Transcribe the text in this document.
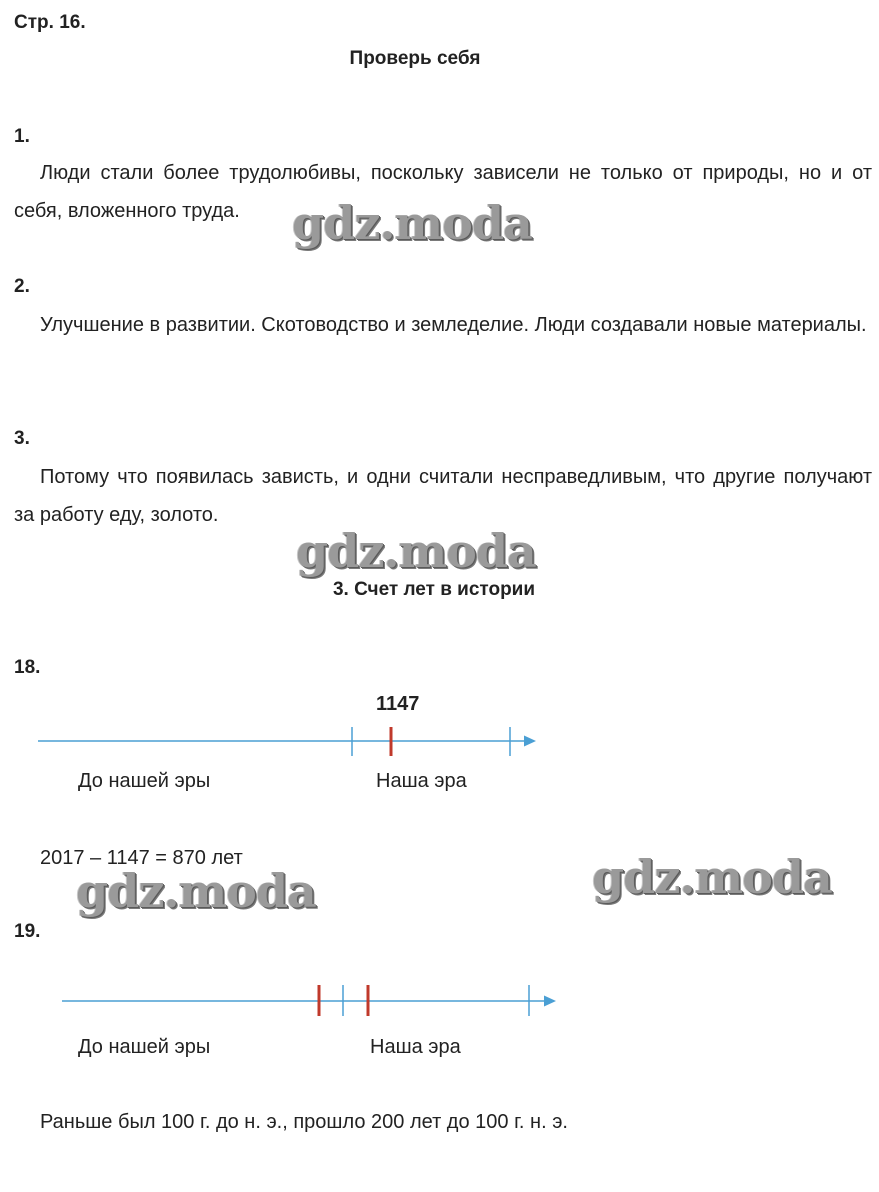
Стр. 16.
Проверь себя
1.
Люди стали более трудолюбивы, поскольку зависели не только от природы, но и от себя, вложенного труда.
2.
Улучшение в развитии. Скотоводство и земледелие. Люди создавали новые материалы.
3.
Потому что появилась зависть, и одни считали несправедливым, что другие получают за работу еду, золото.
3. Счет лет в истории
18.
1147
До нашей эры	Наша эра
2017 – 1147 = 870 лет
19.
До нашей эры	Наша эра
Раньше был 100 г. до н. э., прошло 200 лет до 100 г. н. э.
gdz.moda
gdz.moda
gdz.moda	gdz.moda
